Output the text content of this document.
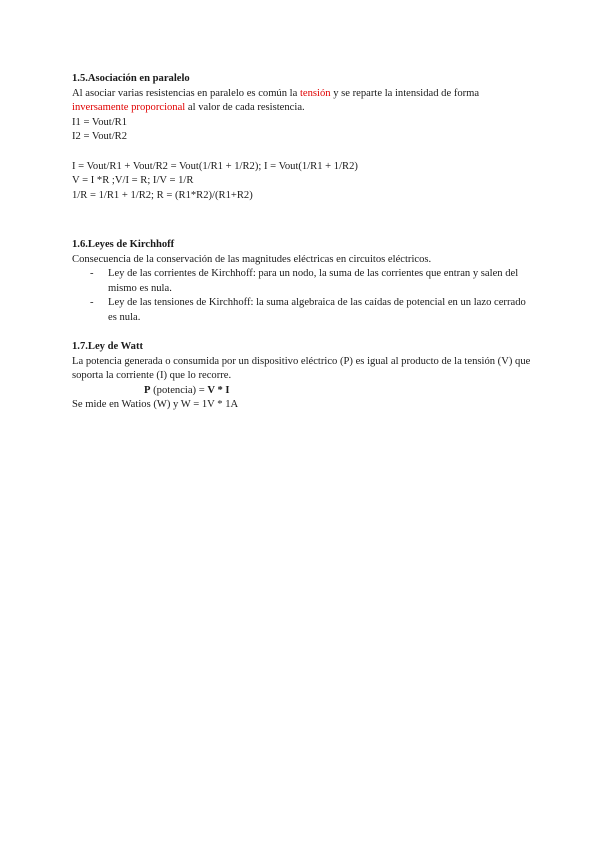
1.5.Asociación en paralelo

Al asociar varias resistencias en paralelo es común la tensión y se reparte la intensidad de forma
inversamente proporcional al valor de cada resistencia.

I1 = Vout/R1

I2 = Vout/R2

I = Vout/R1 + Vout/R2 = Vout(1/R1 + 1/R2); I = Vout(1/R1 + 1/R2)

V = I *R ;V/I = R; I/V = 1/R

1/R = 1/R1 + 1/R2; R = (R1*R2)/(R1+R2)

1.6.Leyes de Kirchhoff

Consecuencia de la conservación de las magnitudes eléctricas en circuitos eléctricos.

- Ley de las corrientes de Kirchhoff: para un nodo, la suma de las corrientes que entran y salen del mismo es nula.
- Ley de las tensiones de Kirchhoff: la suma algebraica de las caídas de potencial en un lazo cerrado es nula.

1.7.Ley de Watt

La potencia generada o consumida por un dispositivo eléctrico (P) es igual al producto de la tensión (V) que soporta la corriente (I) que lo recorre.

P (potencia) = V * I

Se mide en Watios (W) y W = 1V * 1A
